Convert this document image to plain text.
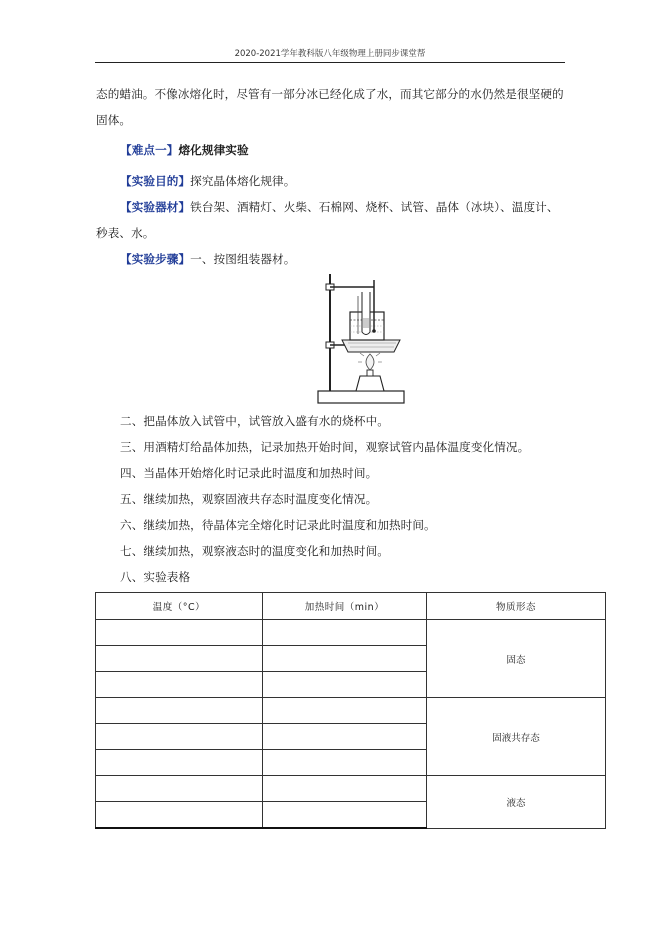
2020-2021学年教科版八年级物理上册同步课堂帮
态的蜡油。不像冰熔化时，尽管有一部分冰已经化成了水，而其它部分的水仍然是很坚硬的
固体。
【难点一】熔化规律实验
【实验目的】探究晶体熔化规律。
【实验器材】铁台架、酒精灯、火柴、石棉网、烧杯、试管、晶体（冰块）、温度计、
秒表、水。
【实验步骤】一、按图组装器材。
二、把晶体放入试管中，试管放入盛有水的烧杯中。
三、用酒精灯给晶体加热，记录加热开始时间，观察试管内晶体温度变化情况。
四、当晶体开始熔化时记录此时温度和加热时间。
五、继续加热，观察固液共存态时温度变化情况。
六、继续加热，待晶体完全熔化时记录此时温度和加热时间。
七、继续加热，观察液态时的温度变化和加热时间。
八、实验表格
温度（°C）	加热时间（min）	物质形态
		固态

		固液共存态

		液态
